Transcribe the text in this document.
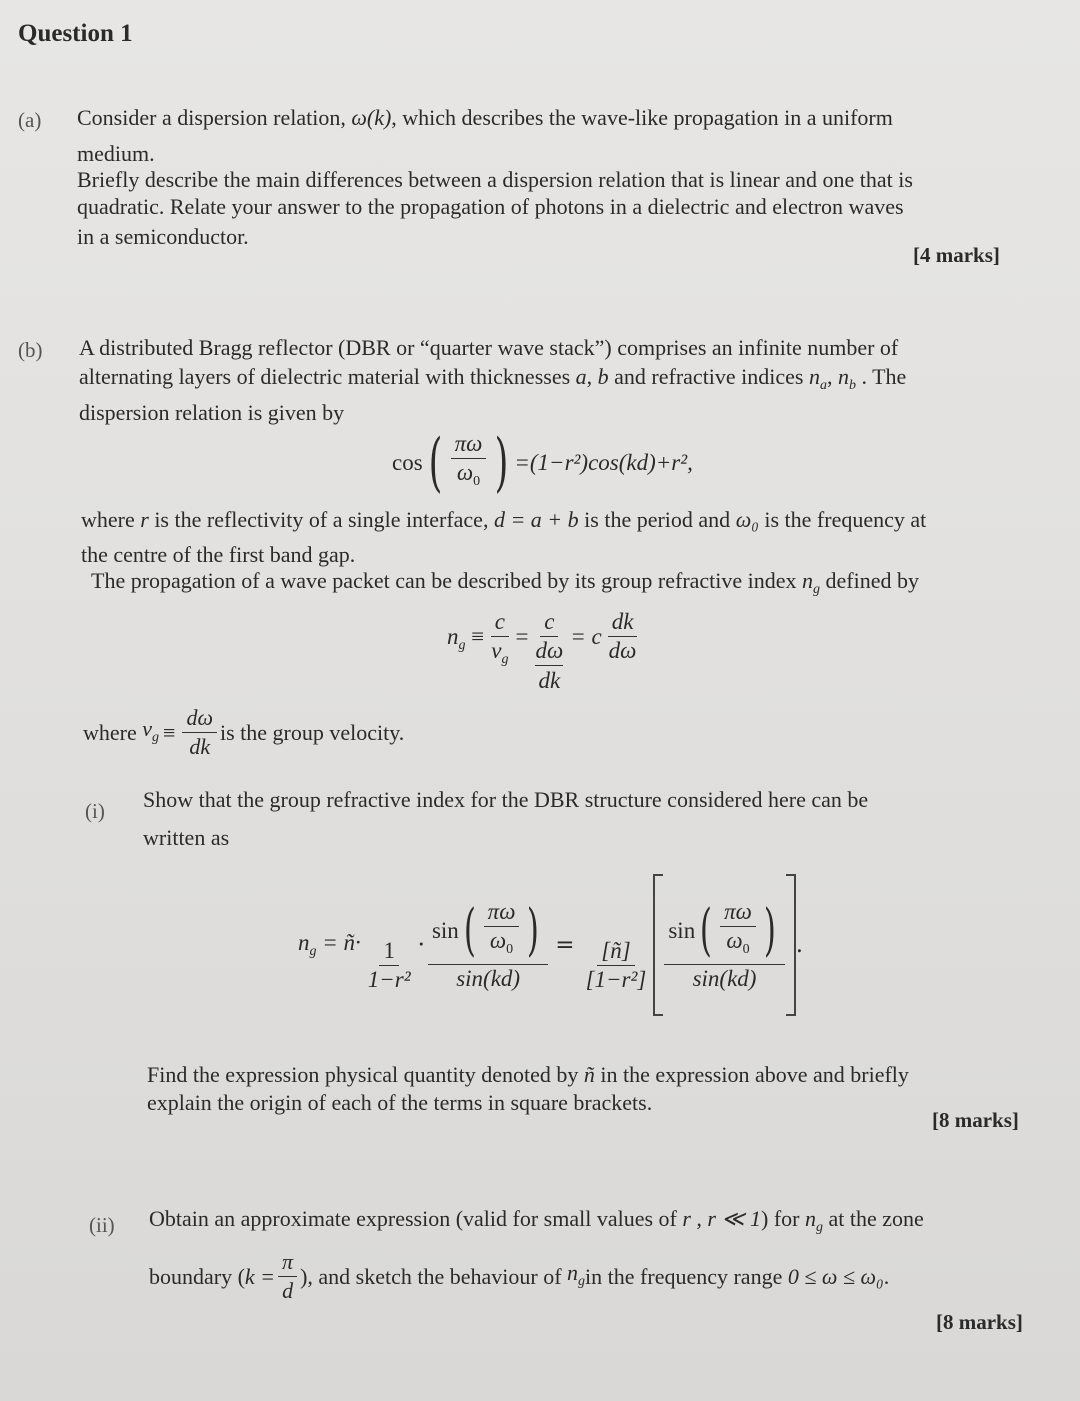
Question 1
(a) Consider a dispersion relation, ω(k), which describes the wave-like propagation in a uniform
medium.
Briefly describe the main differences between a dispersion relation that is linear and one that is
quadratic. Relate your answer to the propagation of photons in a dielectric and electron waves
in a semiconductor.
[4 marks]
(b) A distributed Bragg reflector (DBR or “quarter wave stack”) comprises an infinite number of
alternating layers of dielectric material with thicknesses a, b and refractive indices $n_a$, $n_b$ . The
dispersion relation is given by
cos ( $\frac{\pi\omega}{\omega_0}$ ) =(1−r²)cos(kd)+r²,
where r is the reflectivity of a single interface, d = a + b is the period and ω₀ is the frequency at
the centre of the first band gap.
The propagation of a wave packet can be described by its group refractive index $n_g$ defined by
$n_g \equiv \frac{c}{v_g} = c$
dω
dk = c $\frac{dk}{d\omega}$
where $v_g \equiv \frac{d\omega}{dk}$ is the group velocity.
(i) Show that the group refractive index for the DBR structure considered here can be
written as
$n_g$ = ñ· $\frac{1}{\text{1−r²}} \cdot \frac{\sin ( \frac{\pi\omega}{\omega_0} )}{\sin(kd)} = \frac{[ñ]}{\text{[1−r²]}}$
sin ( $\frac{\pi\omega}{\omega_0}$ )
sin(kd)
.
Find the expression physical quantity denoted by ñ in the expression above and briefly
explain the origin of each of the terms in square brackets.
[8 marks]
(ii) Obtain an approximate expression (valid for small values of r , r ≪ 1) for $n_g$ at the zone
boundary ( $k = \frac{\pi}{d}$ ), and sketch the behaviour of $n_g$ in the frequency range 0 ≤ ω ≤ ω₀ .
[8 marks]
